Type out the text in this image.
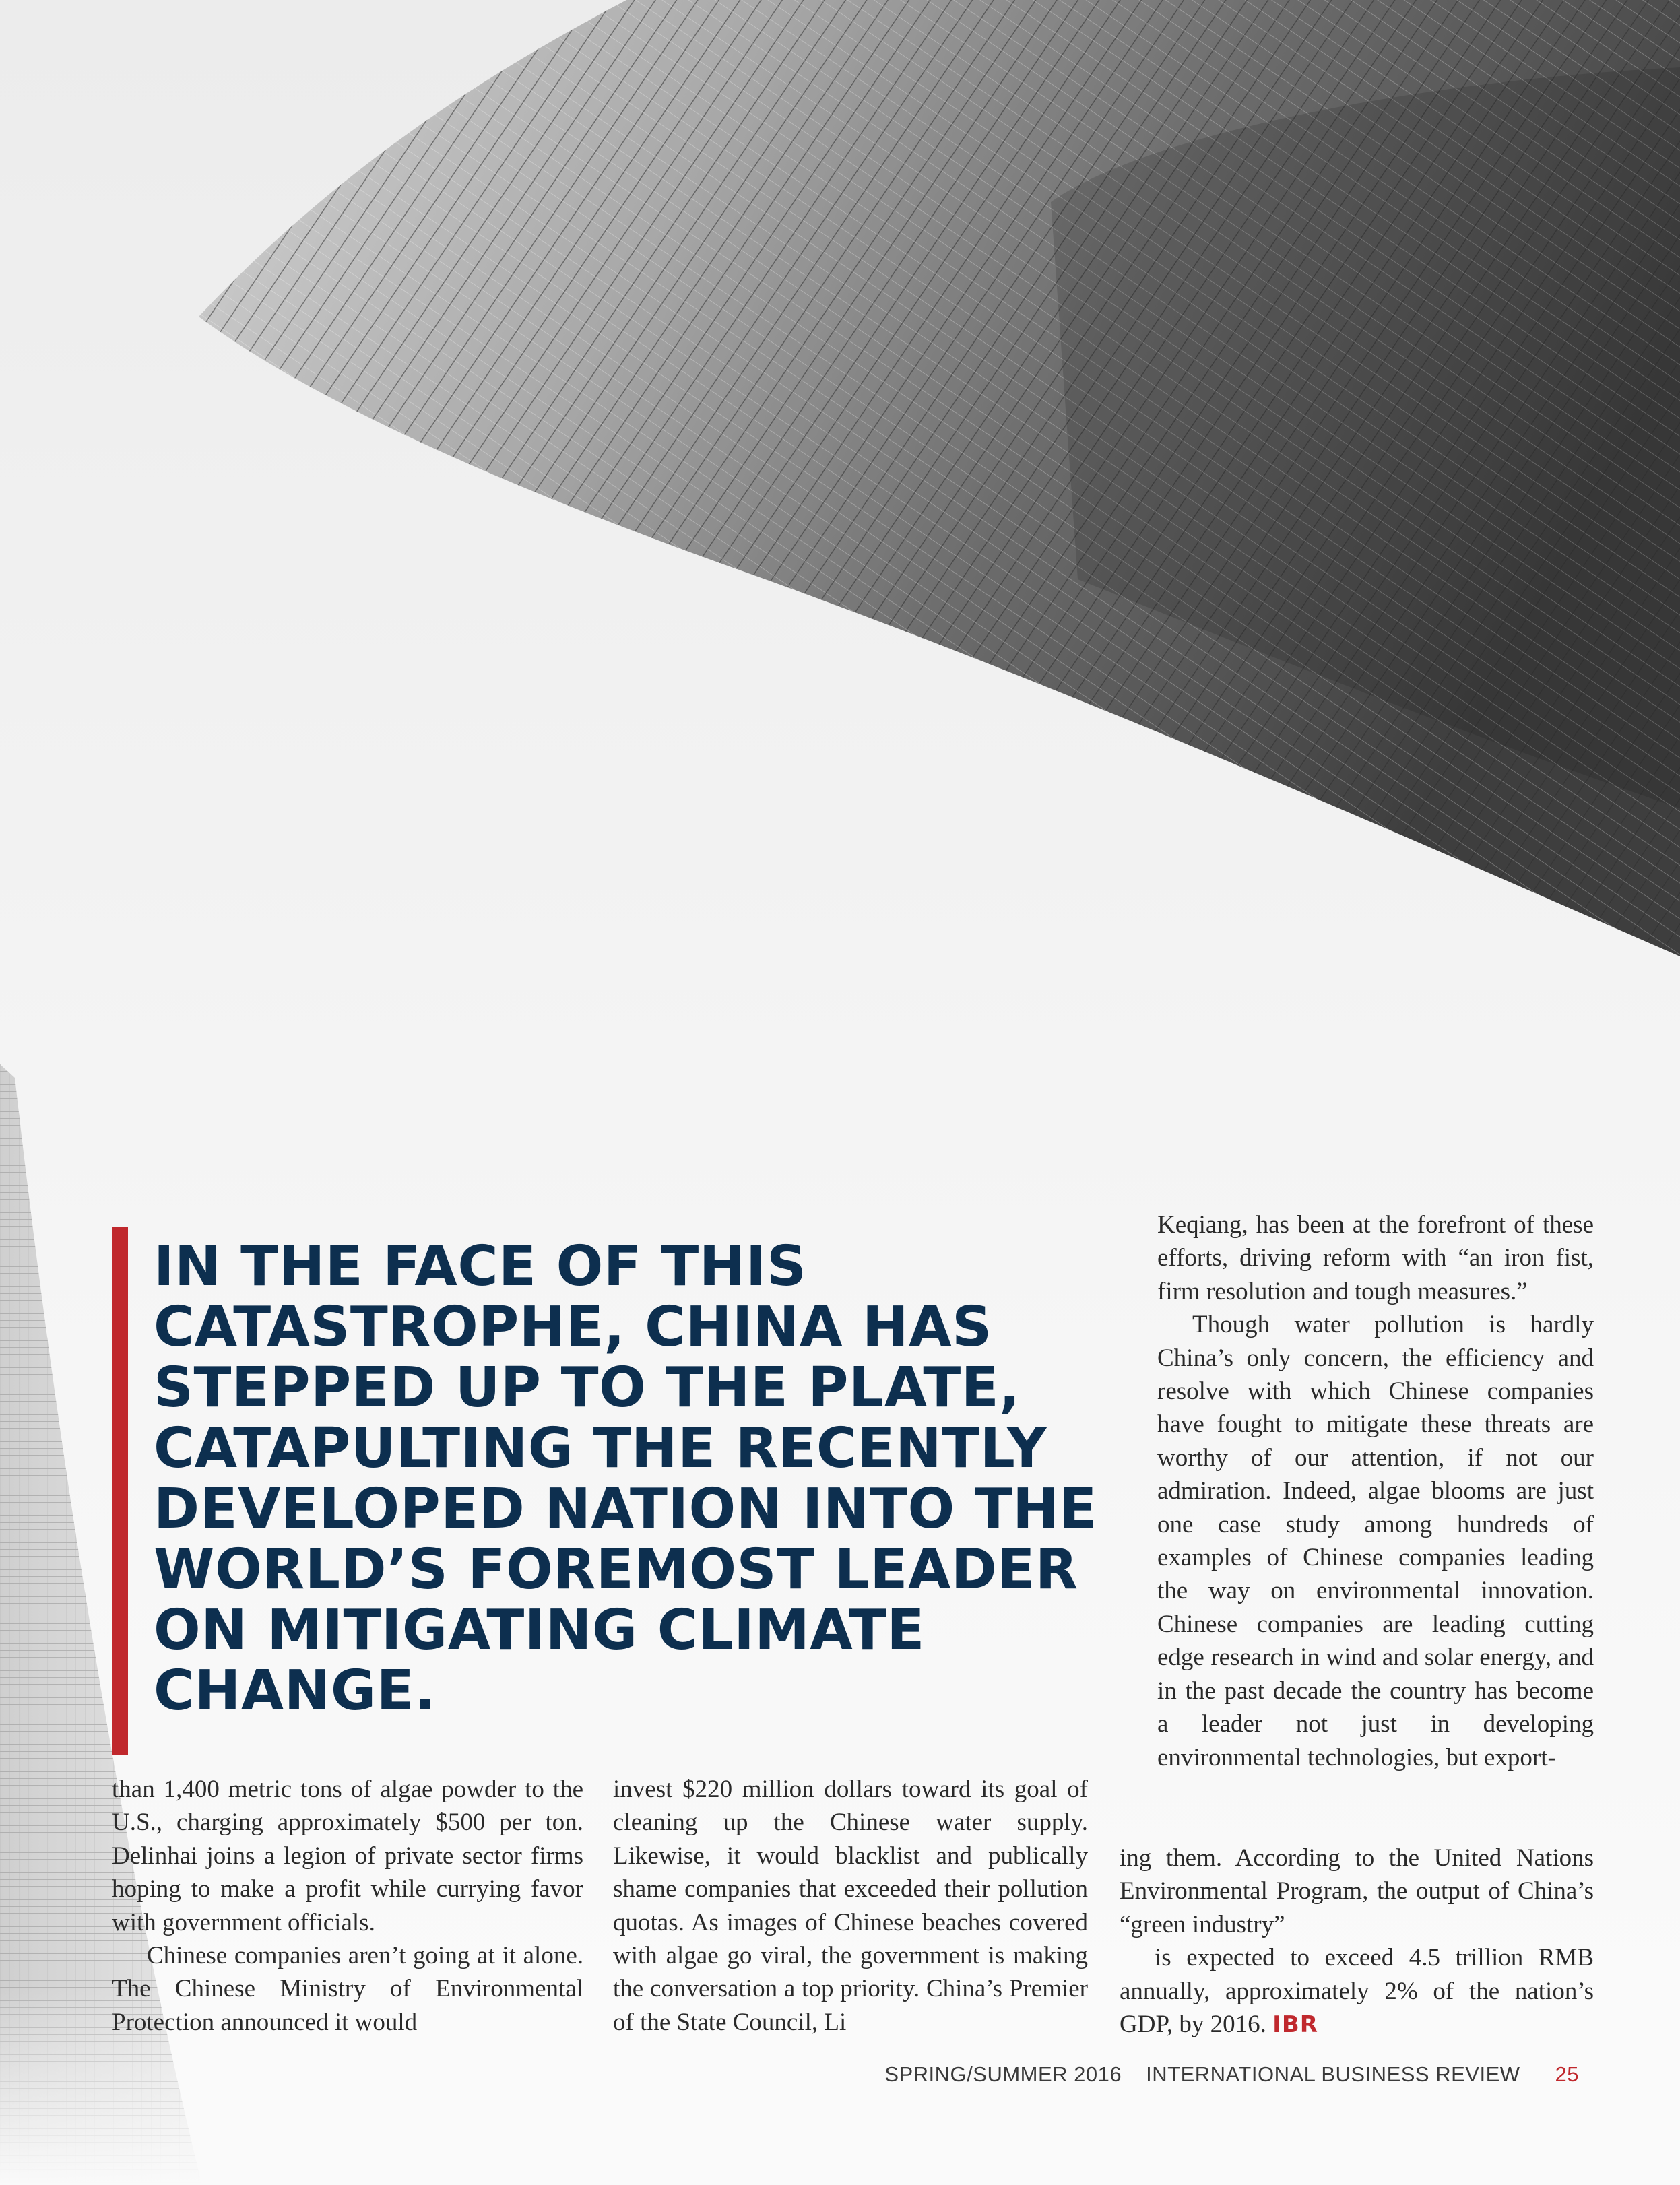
IN THE FACE OF THIS CATASTROPHE, CHINA HAS STEPPED UP TO THE PLATE, CATAPULTING THE RECENTLY DEVELOPED NATION INTO THE WORLD’S FOREMOST LEADER ON MITIGATING CLIMATE CHANGE.

than 1,400 metric tons of algae powder to the U.S., charging approximately $500 per ton. Delinhai joins a legion of private sector firms hoping to make a profit while currying favor with government officials.

Chinese companies aren’t going at it alone. The Chinese Ministry of Environmental Protection announced it would

invest $220 million dollars toward its goal of cleaning up the Chinese water supply. Likewise, it would blacklist and publically shame companies that exceeded their pollution quotas. As images of Chinese beaches covered with algae go viral, the government is making the conversation a top priority. China’s Premier of the State Council, Li

Keqiang, has been at the forefront of these efforts, driving reform with “an iron fist, firm resolution and tough measures.”

Though water pollution is hardly China’s only concern, the efficiency and resolve with which Chinese companies have fought to mitigate these threats are worthy of our attention, if not our admiration. Indeed, algae blooms are just one case study among hundreds of examples of Chinese companies leading the way on environmental innovation. Chinese companies are leading cutting edge research in wind and solar energy, and in the past decade the country has become a leader not just in developing environmental technologies, but export-

ing them. According to the United Nations Environmental Program, the output of China’s “green industry”

is expected to exceed 4.5 trillion RMB annually, approximately 2% of the nation’s GDP, by 2016. IBR

SPRING/SUMMER 2016 INTERNATIONAL BUSINESS REVIEW 25
